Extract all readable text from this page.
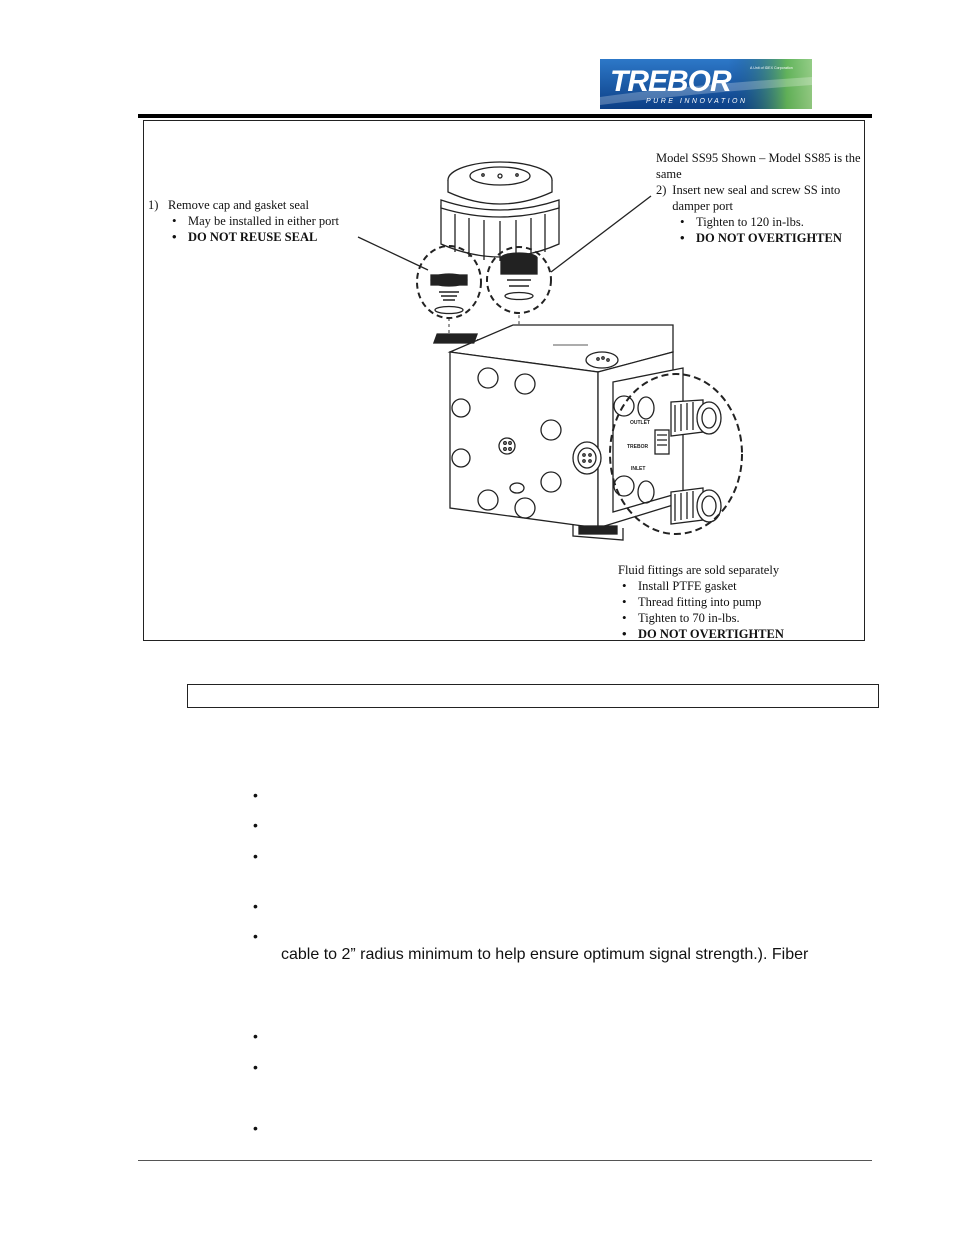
TREBOR
PURE INNOVATION
A Unit of IDEX Corporation
OUTLET
TREBOR
INLET
1) Remove cap and gasket seal
• May be installed in either port
• DO NOT REUSE SEAL
Model SS95 Shown – Model SS85 is the same
2) Insert new seal and screw SS into damper port
• Tighten to 120 in-lbs.
• DO NOT OVERTIGHTEN
Fluid fittings are sold separately
• Install PTFE gasket
• Thread fitting into pump
• Tighten to 70 in-lbs.
• DO NOT OVERTIGHTEN
•
•
•
•
•
cable to 2” radius minimum to help ensure optimum signal strength.). Fiber
•
•
•
